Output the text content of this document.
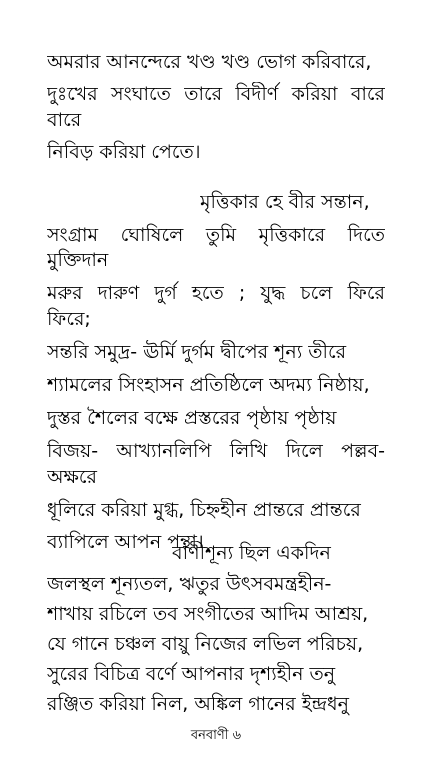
অমরার আনন্দেরে খণ্ড খণ্ড ভোগ করিবারে,
দুঃখের সংঘাতে তারে বিদীর্ণ করিয়া বারে
বারে
নিবিড় করিয়া পেতে।
মৃত্তিকার হে বীর সন্তান,
সংগ্রাম ঘোষিলে তুমি মৃত্তিকারে দিতে
মুক্তিদান
মরুর দারুণ দুর্গ হতে ; যুদ্ধ চলে ফিরে
ফিরে;
সন্তরি সমুদ্র- ঊর্মি দুর্গম দ্বীপের শূন্য তীরে
শ্যামলের সিংহাসন প্রতিষ্ঠিলে অদম্য নিষ্ঠায়,
দুস্তর শৈলের বক্ষে প্রস্তরের পৃষ্ঠায় পৃষ্ঠায়
বিজয়- আখ্যানলিপি লিখি দিলে পল্লব-
অক্ষরে
ধূলিরে করিয়া মুগ্ধ, চিহ্নহীন প্রান্তরে প্রান্তরে
ব্যাপিলে আপন পন্থা।
বাণীশূন্য ছিল একদিন
জলস্থল শূন্যতল, ঋতুর উৎসবমন্ত্রহীন-
শাখায় রচিলে তব সংগীতের আদিম আশ্রয়,
যে গানে চঞ্চল বায়ু নিজের লভিল পরিচয়,
সুরের বিচিত্র বর্ণে আপনার দৃশ্যহীন তনু
বনবাণী ৬
রঞ্জিত করিয়া নিল, অঙ্কিল গানের ইন্দ্রধনু
